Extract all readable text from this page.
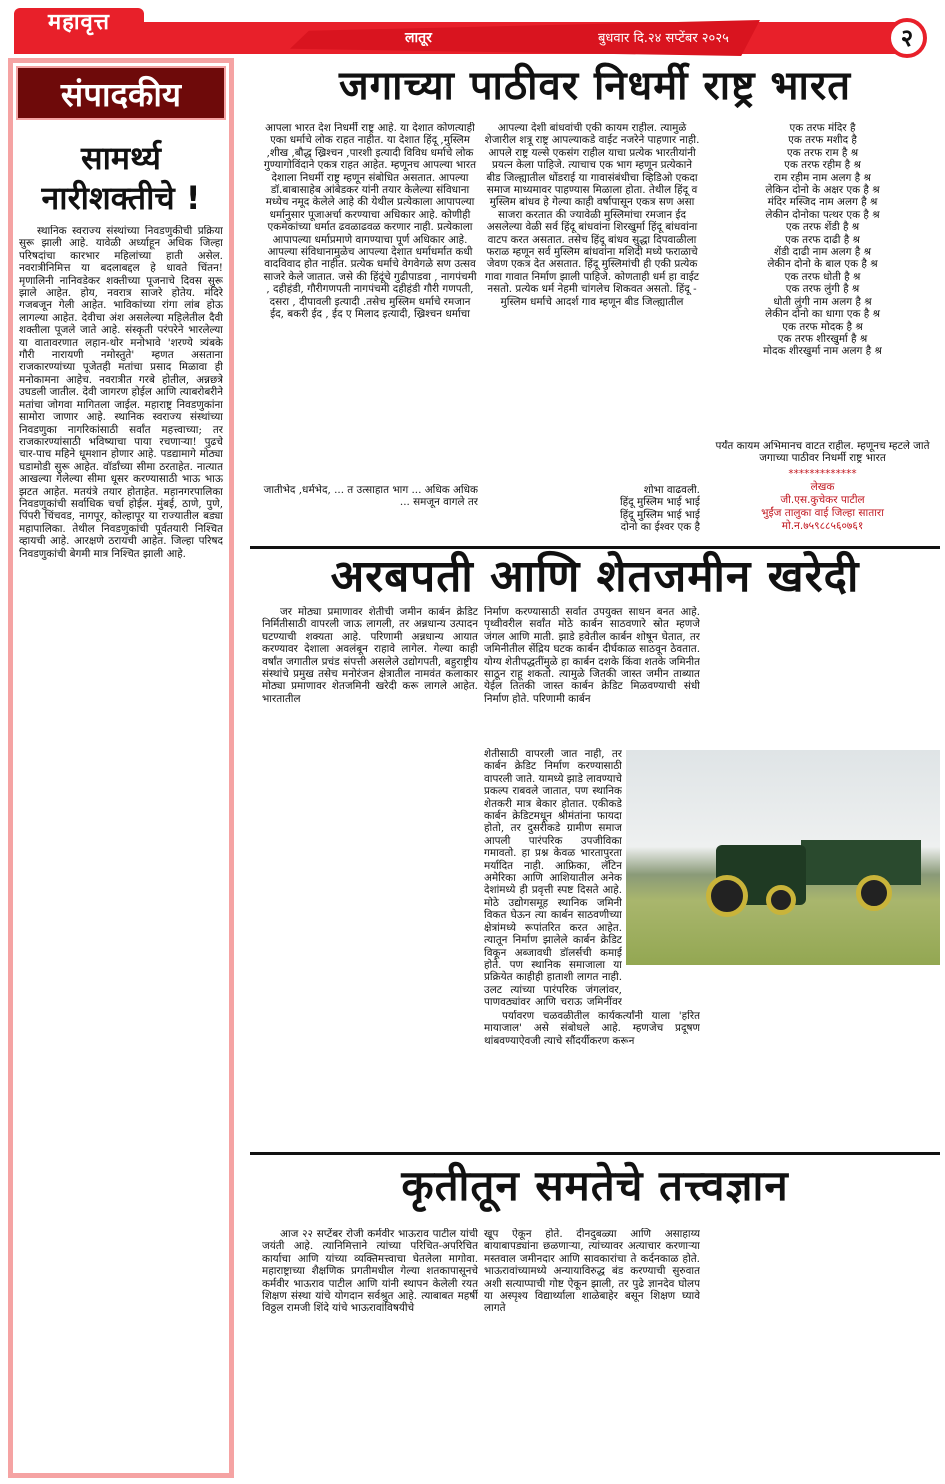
महावृत्त
लातूर	बुधवार दि.२४ सप्टेंबर २०२५	२
संपादकीय
सामर्थ्य नारीशक्तीचे !

स्थानिक स्वराज्य संस्थांच्या निवडणुकीची प्रक्रिया सुरू झाली आहे. यावेळी अर्ध्याहून अधिक जिल्हा परिषदांचा कारभार महिलांच्या हाती असेल. नवरात्रीनिमित्त या बदलाबद्दल हे धावते चिंतन! मृणालिनी नानिवडेकर शक्तीच्या पूजनाचे दिवस सुरू झाले आहेत. होय, नवरात्र साजरे होतेय. मंदिरे गजबजून गेली आहेत. भाविकांच्या रांगा लांब होऊ लागल्या आहेत. देवीचा अंश असलेल्या महिलेतील दैवी शक्तीला पूजले जाते आहे. संस्कृती परंपरेने भारलेल्या या वातावरणात लहान-थोर मनोभावे 'शरण्ये त्र्यंबके गौरी नारायणी नमोस्तुते' म्हणत असताना राजकारण्यांच्या पूजेतही मतांचा प्रसाद मिळावा ही मनोकामना आहेच. नवरात्रीत गरबे होतील, अन्नछत्रे उघडली जातील. देवी जागरण होईल आणि त्याबरोबरीने मतांचा जोगवा मागितला जाईल. महाराष्ट्र निवडणुकांना सामोरा जाणार आहे. स्थानिक स्वराज्य संस्थांच्या निवडणुका नागरिकांसाठी सर्वांत महत्त्वाच्या; तर राजकारण्यांसाठी भविष्याचा पाया रचणार्‍या! पुढचे चार-पाच महिने धूमशान होणार आहे. पडद्यामागे मोठ्या घडामोडी सुरू आहेत. वॉर्डांच्या सीमा ठरताहेत. नात्यात आखल्या गेलेल्या सीमा धूसर करण्यासाठी भाऊ भाऊ झटत आहेत. मतयंत्रे तयार होताहेत. महानगरपालिका निवडणुकांची सर्वाधिक चर्चा होईल. मुंबई, ठाणे, पुणे, पिंपरी चिंचवड, नागपूर, कोल्हापूर या राज्यातील बड्या महापालिका. तेथील निवडणुकांची पूर्वतयारी निश्चित व्हायची आहे. आरक्षणे ठरायची आहेत. जिल्हा परिषद निवडणुकांची बेगमी मात्र निश्चित झाली आहे.

जगाच्या पाठीवर निधर्मी राष्ट्र भारत
आपला भारत देश निधर्मी राष्ट्र आहे. या देशात कोणत्याही एका धर्माचे लोक राहत नाहीत. या देशात हिंदू ,मुस्लिम ,शीख ,बौद्ध ख्रिश्चन ,पारशी इत्यादी विविध धर्माचे लोक गुण्यागोविंदाने एकत्र राहत आहेत. म्हणूनच आपल्या भारत देशाला निधर्मी राष्ट्र म्हणून संबोधित असतात. आपल्या डॉ.बाबासाहेब आंबेडकर यांनी तयार केलेल्या संविधाना मध्येच नमूद केलेले आहे की येथील प्रत्येकाला आपापल्या धर्मानुसार पूजाअर्चा करण्याचा अधिकार आहे. कोणीही एकमेकांच्या धर्मात ढवळाढवळ करणार नाही. प्रत्येकाला आपापल्या धर्माप्रमाणे वागण्याचा पूर्ण अधिकार आहे. आपल्या संविधानामुळेच आपल्या देशात धर्माधर्मात कधी वादविवाद होत नाहीत. प्रत्येक धर्माचे वेगवेगळे सण उत्सव साजरे केले जातात. जसे की हिंदूंचे गुढीपाडवा , नागपंचमी , दहीहंडी, गौरीगणपती नागपंचमी दहीहंडी गौरी गणपती, दसरा , दीपावली इत्यादी .तसेच मुस्लिम धर्माचे रमजान ईद, बकरी ईद , ईद ए मिलाद इत्यादी, ख्रिश्चन धर्माचा
जातीभेद ,धर्मभेद, ... त उत्साहात भाग ... अधिक अधिक ... समजून वागले तर
आपल्या देशी बांधवांची एकी कायम राहील. त्यामुळे शेजारील शत्रू राष्ट्र आपल्याकडे वाईट नजरेने पाहणार नाही. आपले राष्ट्र यल्से एकसंग राहील याचा प्रत्येक भारतीयांनी प्रयत्न केला पाहिजे. त्याचाच एक भाग म्हणून प्रत्येकाने बीड जिल्ह्यातील धोंडराई या गावासंबंधीचा व्हिडिओ एकदा समाज माध्यमावर पाहण्यास मिळाला होता. तेथील हिंदू व मुस्लिम बांधव हे गेल्या काही वर्षापासून एकत्र सण असा साजरा करतात की ज्यावेळी मुस्लिमांचा रमजान ईद असलेल्या वेळी सर्व हिंदू बांधवांना शिरखुर्मा हिंदू बांधवांना वाटप करत असतात. तसेच हिंदू बांधव सुद्धा दिपवाळीला फराळ म्हणून सर्व मुस्लिम बांधवांना मशिदी मध्ये फराळाचे जेवण एकत्र देत असतात. हिंदू मुस्लिमांची ही एकी प्रत्येक गावा गावात निर्माण झाली पाहिजे. कोणताही धर्म हा वाईट नसतो. प्रत्येक धर्म नेहमी चांगलेच शिकवत असतो. हिंदू - मुस्लिम धर्माचे आदर्श गाव म्हणून बीड जिल्ह्यातील
शोभा वाढवली.
हिंदू मुस्लिम भाई भाई
हिंदू मुस्लिम भाई भाई
दोनो का ईश्वर एक है
एक तरफ मंदिर है
एक तरफ मशीद है
एक तरफ राम है श्र
एक तरफ रहीम है श्र
राम रहीम नाम अलग है श्र
लेकिन दोनो के अक्षर एक है श्र
मंदिर मस्जिद नाम अलग है श्र
लेकीन दोनोका पत्थर एक है श्र
एक तरफ शेंडी है श्र
एक तरफ दाढी है श्र
शेंडी दाढी नाम अलग है श्र
लेकीन दोनो के बाल एक है श्र
एक तरफ धोती है श्र
एक तरफ लुंगी है श्र
धोती लुंगी नाम अलग है श्र
लेकीन दोनो का धागा एक है श्र
एक तरफ मोदक है श्र
एक तरफ शीरखुर्मा है श्र
मोदक शीरखुर्मा नाम अलग है श्र
पर्यंत कायम अभिमानच वाटत राहील. म्हणूनच म्हटले जाते जगाच्या पाठीवर निधर्मी राष्ट्र भारत
*************
लेखक
जी.एस.कुचेकर पाटील
भुईंज तालुका वाई जिल्हा सातारा
मो.न.७५९८८५६०७६१
अरबपती आणि शेतजमीन खरेदी

जर मोठ्या प्रमाणावर शेतीची जमीन कार्बन क्रेडिट निर्मितीसाठी वापरली जाऊ लागली, तर अन्नधान्य उत्पादन घटण्याची शक्यता आहे. परिणामी अन्नधान्य आयात करण्यावर देशाला अवलंबून राहावे लागेल. गेल्या काही वर्षांत जगातील प्रचंड संपत्ती असलेले उद्योगपती, बहुराष्ट्रीय संस्थांचे प्रमुख तसेच मनोरंजन क्षेत्रातील नामवंत कलाकार मोठ्या प्रमाणावर शेतजमिनी खरेदी करू लागले आहेत. भारतातील

निर्माण करण्यासाठी सर्वात उपयुक्त साधन बनत आहे. पृथ्वीवरील सर्वांत मोठे कार्बन साठवणारे स्रोत म्हणजे जंगल आणि माती. झाडे हवेतील कार्बन शोषून घेतात, तर जमिनीतील सेंद्रिय घटक कार्बन दीर्घकाळ साठवून ठेवतात. योग्य शेतीपद्धतींमुळे हा कार्बन दशके किंवा शतके जमिनीत साठून राहू शकतो. त्यामुळे जितकी जास्त जमीन ताब्यात येईल तितकी जास्त कार्बन क्रेडिट मिळवण्याची संधी निर्माण होते. परिणामी कार्बन
शेतीसाठी वापरली जात नाही, तर कार्बन क्रेडिट निर्माण करण्यासाठी वापरली जाते. यामध्ये झाडे लावण्याचे प्रकल्प राबवले जातात, पण स्थानिक शेतकरी मात्र बेकार होतात. एकीकडे कार्बन क्रेडिटमधून श्रीमंतांना फायदा होतो, तर दुसरीकडे ग्रामीण समाज आपली पारंपरिक उपजीविका गमावतो. हा प्रश्न केवळ भारतापुरता मर्यादित नाही. आफ्रिका, लॅटिन अमेरिका आणि आशियातील अनेक देशांमध्ये ही प्रवृत्ती स्पष्ट दिसते आहे. मोठे उद्योगसमूह स्थानिक जमिनी विकत घेऊन त्या कार्बन साठवणीच्या क्षेत्रांमध्ये रूपांतरित करत आहेत. त्यातून निर्माण झालेले कार्बन क्रेडिट विकून अब्जावधी डॉलर्सची कमाई होते. पण स्थानिक समाजाला या प्रक्रियेत काहीही हाताशी लागत नाही. उलट त्यांच्या पारंपरिक जंगलांवर, पाणवठ्यांवर आणि चराऊ जमिनींवर

पर्यावरण चळवळीतील कार्यकर्त्यांनी याला 'हरित मायाजाल' असे संबोधले आहे. म्हणजेच प्रदूषण थांबवण्याऐवजी त्याचे सौंदर्यीकरण करून

कृतीतून समतेचे तत्त्वज्ञान

आज २२ सप्टेंबर रोजी कर्मवीर भाऊराव पाटील यांची जयंती आहे. त्यानिमित्ताने त्यांच्या परिचित-अपरिचित कार्याचा आणि यांच्या व्यक्तिमत्त्वाचा घेतलेला मागोवा. महाराष्ट्राच्या शैक्षणिक प्रगतीमधील गेल्या शतकापासूनचे कर्मवीर भाऊराव पाटील आणि यांनी स्थापन केलेली रयत शिक्षण संस्था यांचे योगदान सर्वश्रुत आहे. त्याबाबत महर्षी विठ्ठल रामजी शिंदे यांचे भाऊरावांविषयीचे

खूप ऐकून होते. दीनदुबळ्या आणि असाहाय्य बायाबापड्यांना छळणार्‍या, त्यांच्यावर अत्याचार करणार्‍या मस्तवाल जमीनदार आणि सावकारांचा ते कर्दनकाळ होते. भाऊरावांच्यामध्ये अन्यायाविरुद्ध बंड करण्याची सुरुवात अशी सत्याप्पाची गोष्ट ऐकून झाली, तर पुढे ज्ञानदेव घोलप या अस्पृश्य विद्यार्थ्याला शाळेबाहेर बसून शिक्षण घ्यावे लागते
